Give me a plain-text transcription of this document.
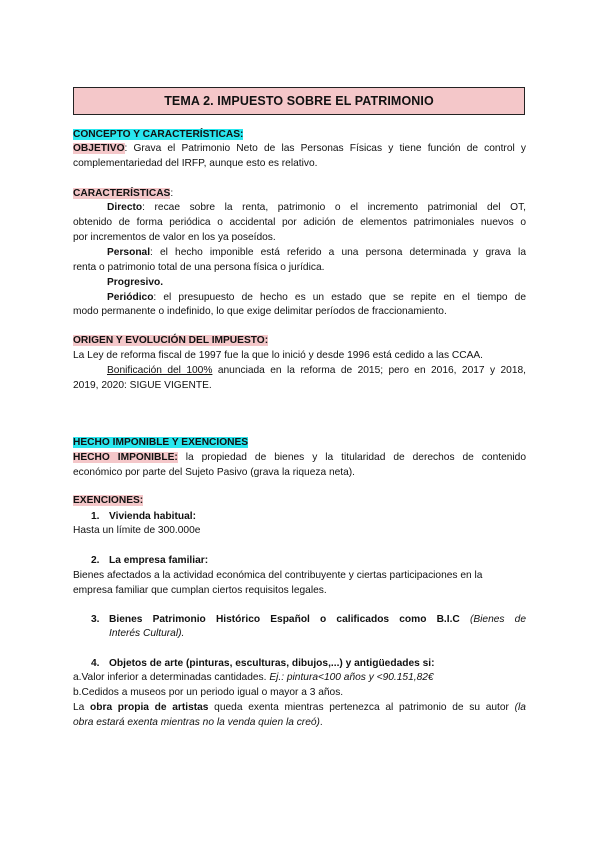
TEMA 2. IMPUESTO SOBRE EL PATRIMONIO
CONCEPTO Y CARACTERÍSTICAS:
OBJETIVO: Grava el Patrimonio Neto de las Personas Físicas y tiene función de control y
complementariedad del IRFP, aunque esto es relativo.
CARACTERÍSTICAS:
Directo: recae sobre la renta, patrimonio o el incremento patrimonial del OT,
obtenido de forma periódica o accidental por adición de elementos patrimoniales nuevos o
por incrementos de valor en los ya poseídos.
Personal: el hecho imponible está referido a una persona determinada y grava la
renta o patrimonio total de una persona física o jurídica.
Progresivo.
Periódico: el presupuesto de hecho es un estado que se repite en el tiempo de
modo permanente o indefinido, lo que exige delimitar períodos de fraccionamiento.
ORIGEN Y EVOLUCIÓN DEL IMPUESTO:
La Ley de reforma fiscal de 1997 fue la que lo inició y desde 1996 está cedido a las CCAA.
Bonificación del 100% anunciada en la reforma de 2015; pero en 2016, 2017 y 2018,
2019, 2020: SIGUE VIGENTE.
HECHO IMPONIBLE Y EXENCIONES
HECHO IMPONIBLE: la propiedad de bienes y la titularidad de derechos de contenido
económico por parte del Sujeto Pasivo (grava la riqueza neta).
EXENCIONES:
1. Vivienda habitual:
Hasta un límite de 300.000e
2. La empresa familiar:
Bienes afectados a la actividad económica del contribuyente y ciertas participaciones en la
empresa familiar que cumplan ciertos requisitos legales.
3. Bienes Patrimonio Histórico Español o calificados como B.I.C (Bienes de
Interés Cultural).
4. Objetos de arte (pinturas, esculturas, dibujos,...) y antigüedades si:
a.Valor inferior a determinadas cantidades. Ej.: pintura<100 años y <90.151,82€
b.Cedidos a museos por un periodo igual o mayor a 3 años.
La obra propia de artistas queda exenta mientras pertenezca al patrimonio de su autor (la
obra estará exenta mientras no la venda quien la creó).
